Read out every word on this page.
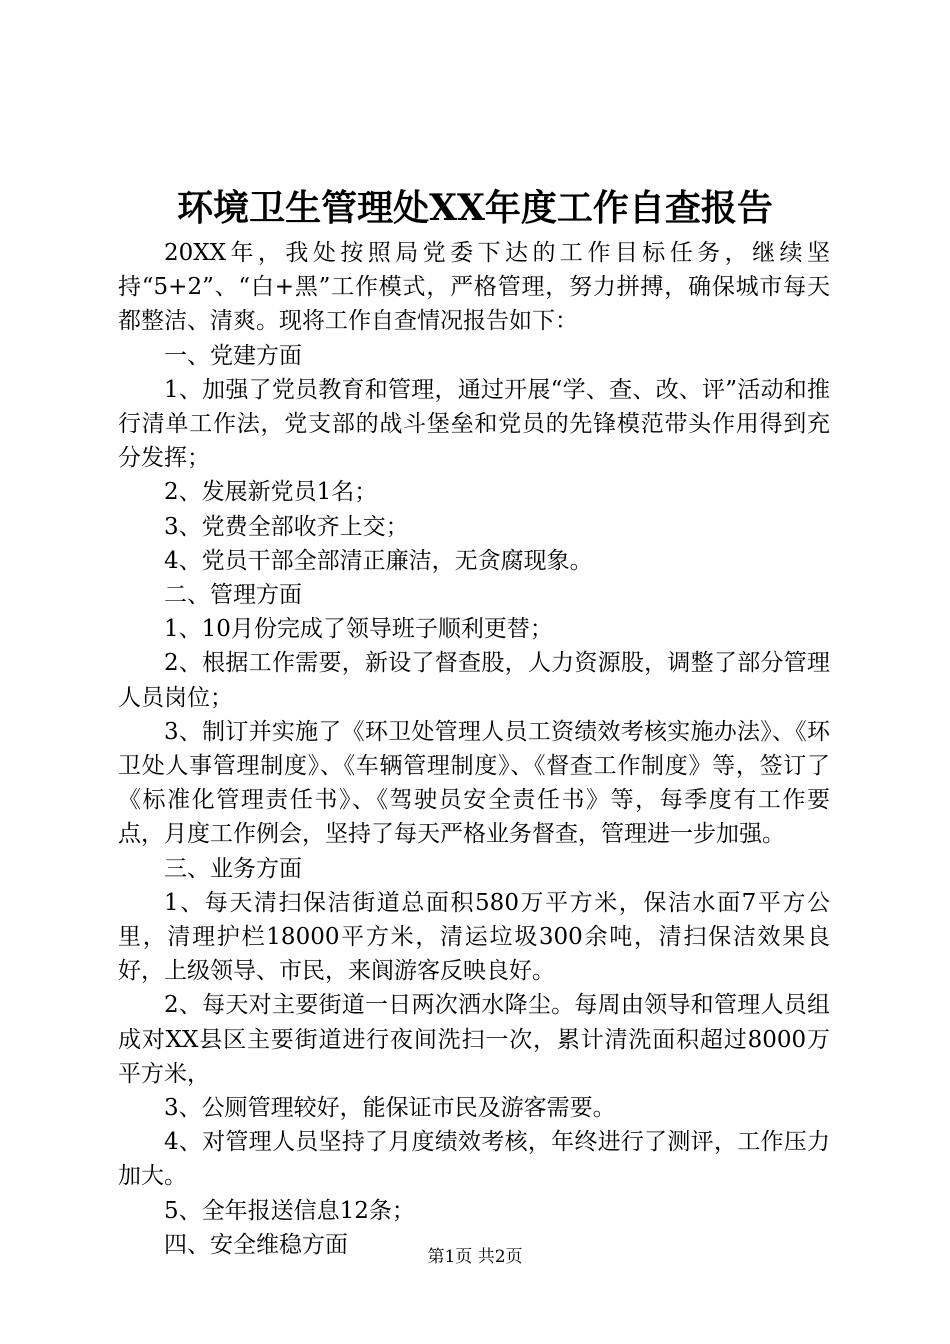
环境卫生管理处XX年度工作自查报告

20XX年，我处按照局党委下达的工作目标任务，继续坚持“5+2”、“白+黑”工作模式，严格管理，努力拼搏，确保城市每天都整洁、清爽。现将工作自查情况报告如下：

一、党建方面

1、加强了党员教育和管理，通过开展“学、查、改、评”活动和推行清单工作法，党支部的战斗堡垒和党员的先锋模范带头作用得到充分发挥；

2、发展新党员1名；

3、党费全部收齐上交；

4、党员干部全部清正廉洁，无贪腐现象。

二、管理方面

1、10月份完成了领导班子顺利更替；

2、根据工作需要，新设了督查股，人力资源股，调整了部分管理人员岗位；

3、制订并实施了《环卫处管理人员工资绩效考核实施办法》、《环卫处人事管理制度》、《车辆管理制度》、《督查工作制度》等，签订了《标准化管理责任书》、《驾驶员安全责任书》等，每季度有工作要点，月度工作例会，坚持了每天严格业务督查，管理进一步加强。

三、业务方面

1、每天清扫保洁街道总面积580万平方米，保洁水面7平方公里，清理护栏18000平方米，清运垃圾300余吨，清扫保洁效果良好，上级领导、市民，来阆游客反映良好。

2、每天对主要街道一日两次洒水降尘。每周由领导和管理人员组成对XX县区主要街道进行夜间洗扫一次，累计清洗面积超过8000万平方米，

3、公厕管理较好，能保证市民及游客需要。

4、对管理人员坚持了月度绩效考核，年终进行了测评，工作压力加大。

5、全年报送信息12条；

四、安全维稳方面	第1页 共2页
